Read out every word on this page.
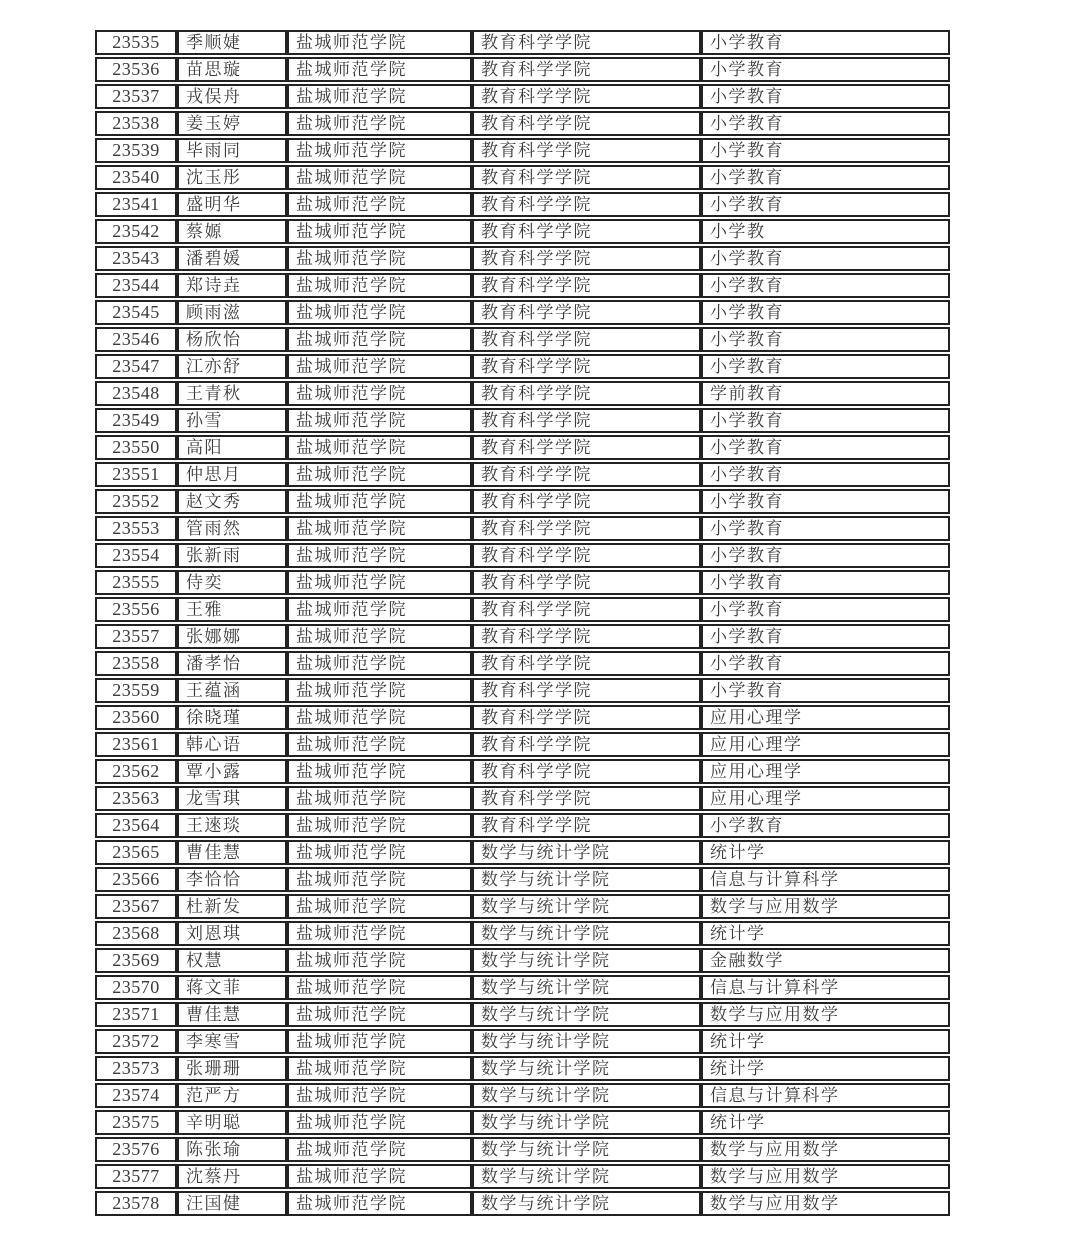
23535	季顺婕	盐城师范学院	教育科学学院	小学教育
23536	苗思璇	盐城师范学院	教育科学学院	小学教育
23537	戎俣舟	盐城师范学院	教育科学学院	小学教育
23538	姜玉婷	盐城师范学院	教育科学学院	小学教育
23539	毕雨同	盐城师范学院	教育科学学院	小学教育
23540	沈玉彤	盐城师范学院	教育科学学院	小学教育
23541	盛明华	盐城师范学院	教育科学学院	小学教育
23542	蔡嫄	盐城师范学院	教育科学学院	小学教
23543	潘碧媛	盐城师范学院	教育科学学院	小学教育
23544	郑诗垚	盐城师范学院	教育科学学院	小学教育
23545	顾雨滋	盐城师范学院	教育科学学院	小学教育
23546	杨欣怡	盐城师范学院	教育科学学院	小学教育
23547	江亦舒	盐城师范学院	教育科学学院	小学教育
23548	王青秋	盐城师范学院	教育科学学院	学前教育
23549	孙雪	盐城师范学院	教育科学学院	小学教育
23550	高阳	盐城师范学院	教育科学学院	小学教育
23551	仲思月	盐城师范学院	教育科学学院	小学教育
23552	赵文秀	盐城师范学院	教育科学学院	小学教育
23553	管雨然	盐城师范学院	教育科学学院	小学教育
23554	张新雨	盐城师范学院	教育科学学院	小学教育
23555	侍奕	盐城师范学院	教育科学学院	小学教育
23556	王雅	盐城师范学院	教育科学学院	小学教育
23557	张娜娜	盐城师范学院	教育科学学院	小学教育
23558	潘孝怡	盐城师范学院	教育科学学院	小学教育
23559	王蕴涵	盐城师范学院	教育科学学院	小学教育
23560	徐晓瑾	盐城师范学院	教育科学学院	应用心理学
23561	韩心语	盐城师范学院	教育科学学院	应用心理学
23562	覃小露	盐城师范学院	教育科学学院	应用心理学
23563	龙雪琪	盐城师范学院	教育科学学院	应用心理学
23564	王逨琰	盐城师范学院	教育科学学院	小学教育
23565	曹佳慧	盐城师范学院	数学与统计学院	统计学
23566	李恰恰	盐城师范学院	数学与统计学院	信息与计算科学
23567	杜新发	盐城师范学院	数学与统计学院	数学与应用数学
23568	刘恩琪	盐城师范学院	数学与统计学院	统计学
23569	权慧	盐城师范学院	数学与统计学院	金融数学
23570	蒋文菲	盐城师范学院	数学与统计学院	信息与计算科学
23571	曹佳慧	盐城师范学院	数学与统计学院	数学与应用数学
23572	李寒雪	盐城师范学院	数学与统计学院	统计学
23573	张珊珊	盐城师范学院	数学与统计学院	统计学
23574	范严方	盐城师范学院	数学与统计学院	信息与计算科学
23575	辛明聪	盐城师范学院	数学与统计学院	统计学
23576	陈张瑜	盐城师范学院	数学与统计学院	数学与应用数学
23577	沈蔡丹	盐城师范学院	数学与统计学院	数学与应用数学
23578	汪国健	盐城师范学院	数学与统计学院	数学与应用数学
